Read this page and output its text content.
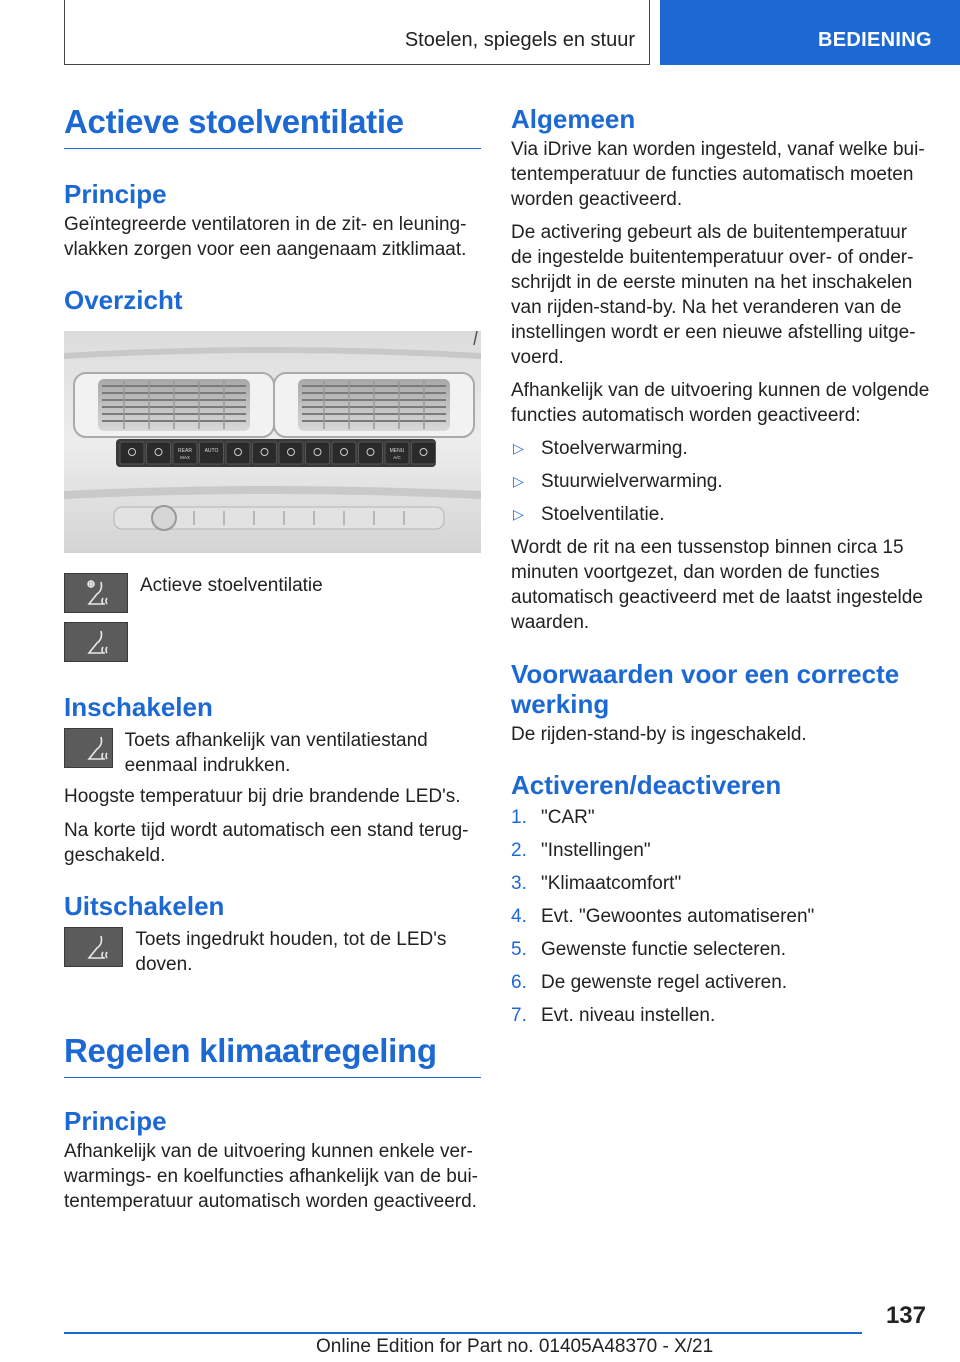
Stoelen, spiegels en stuur	BEDIENING
Actieve stoelventilatie
Principe

Geïntegreerde ventilatoren in de zit- en leuningvlakken zorgen voor een aangenaam zitklimaat.

Overzicht
REAR
MAX
AUTO	MENU
A/C
Actieve stoelventilatie
Inschakelen
Toets afhankelijk van ventilatiestand eenmaal indrukken.

Hoogste temperatuur bij drie brandende LED's.

Na korte tijd wordt automatisch een stand teruggeschakeld.

Uitschakelen
Toets ingedrukt houden, tot de LED's doven.
Regelen klimaatregeling
Principe

Afhankelijk van de uitvoering kunnen enkele verwarmings- en koelfuncties afhankelijk van de buitentemperatuur automatisch worden geactiveerd.

Algemeen

Via iDrive kan worden ingesteld, vanaf welke buitentemperatuur de functies automatisch moeten worden geactiveerd.

De activering gebeurt als de buitentemperatuur de ingestelde buitentemperatuur over- of onderschrijdt in de eerste minuten na het inschakelen van rijden-stand-by. Na het veranderen van de instellingen wordt er een nieuwe afstelling uitgevoerd.

Afhankelijk van de uitvoering kunnen de volgende functies automatisch worden geactiveerd:

▷ Stoelverwarming.
▷ Stuurwielverwarming.
▷ Stoelventilatie.

Wordt de rit na een tussenstop binnen circa 15 minuten voortgezet, dan worden de functies automatisch geactiveerd met de laatst ingestelde waarden.

Voorwaarden voor een correcte werking

De rijden-stand-by is ingeschakeld.

Activeren/deactiveren
1. "CAR"
2. "Instellingen"
3. "Klimaatcomfort"
4. Evt. "Gewoontes automatiseren"
5. Gewenste functie selecteren.
6. De gewenste regel activeren.
7. Evt. niveau instellen.
137
Online Edition for Part no. 01405A48370 - X/21
